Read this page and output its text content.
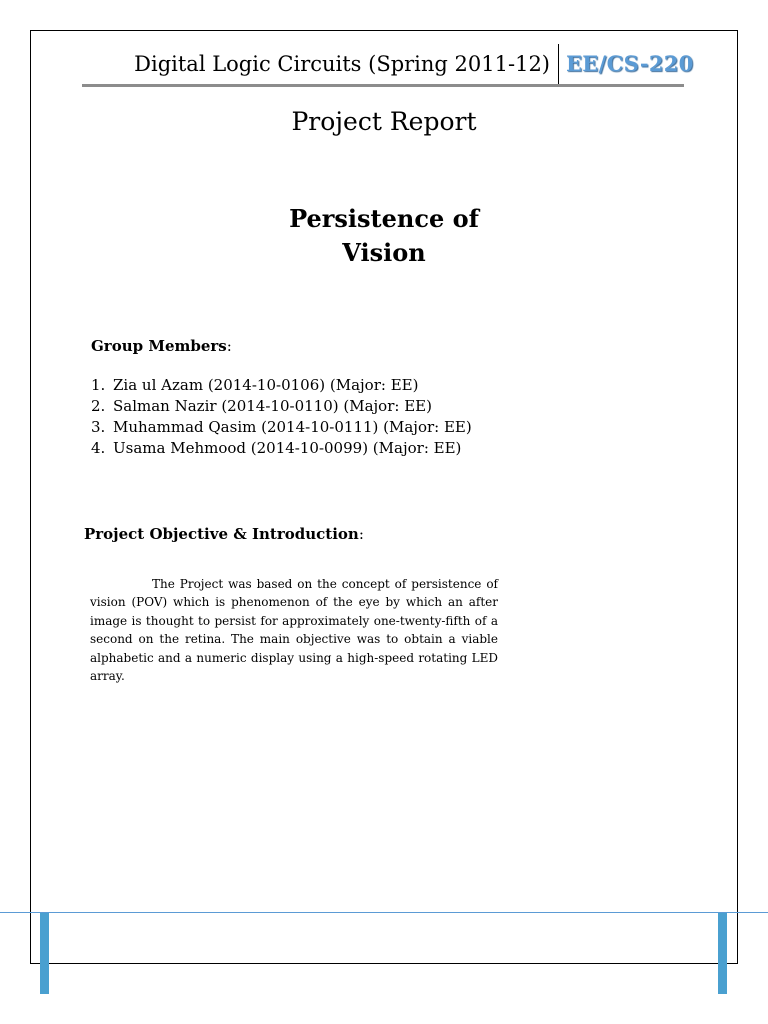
Digital Logic Circuits (Spring 2011-12) EE/CS-220
Project Report
Persistence of
Vision
Group Members:
1. Zia ul Azam (2014-10-0106) (Major: EE)
2. Salman Nazir (2014-10-0110) (Major: EE)
3. Muhammad Qasim (2014-10-0111) (Major: EE)
4. Usama Mehmood (2014-10-0099) (Major: EE)
Project Objective & Introduction:

The Project was based on the concept of persistence of vision (POV) which is phenomenon of the eye by which an after image is thought to persist for approximately one-twenty-fifth of a second on the retina. The main objective was to obtain a viable alphabetic and a numeric display using a high-speed rotating LED array.
